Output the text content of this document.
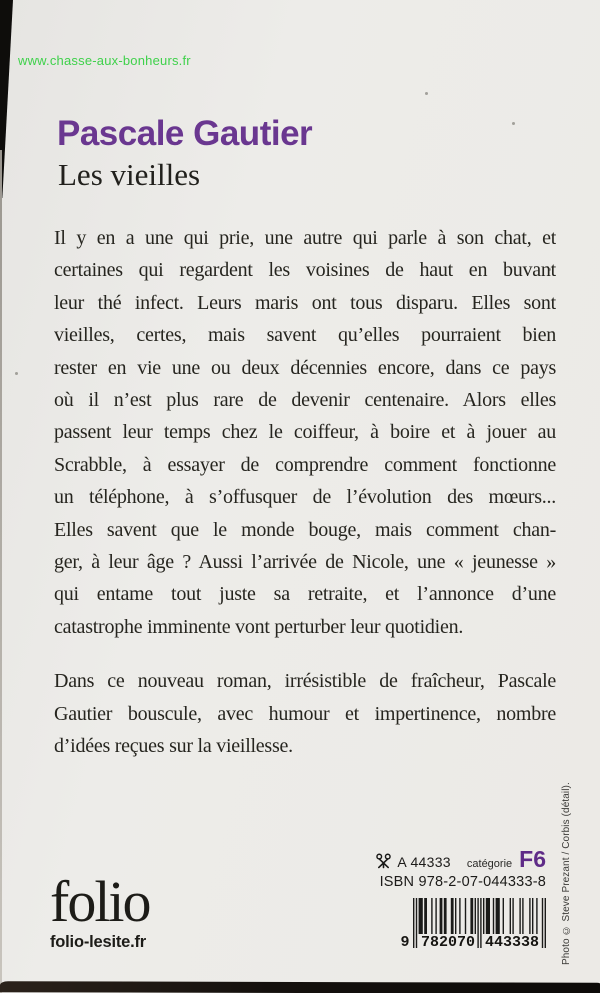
www.chasse-aux-bonheurs.fr
Pascale Gautier
Les vieilles
Il y en a une qui prie, une autre qui parle à son chat, et
certaines qui regardent les voisines de haut en buvant
leur thé infect. Leurs maris ont tous disparu. Elles sont
vieilles, certes, mais savent qu’elles pourraient bien
rester en vie une ou deux décennies encore, dans ce pays
où il n’est plus rare de devenir centenaire. Alors elles
passent leur temps chez le coiffeur, à boire et à jouer au
Scrabble, à essayer de comprendre comment fonctionne
un téléphone, à s’offusquer de l’évolution des mœurs...
Elles savent que le monde bouge, mais comment chan-
ger, à leur âge ? Aussi l’arrivée de Nicole, une « jeunesse »
qui entame tout juste sa retraite, et l’annonce d’une
catastrophe imminente vont perturber leur quotidien.
Dans ce nouveau roman, irrésistible de fraîcheur, Pascale
Gautier bouscule, avec humour et impertinence, nombre
d’idées reçues sur la vieillesse.
folio
folio-lesite.fr
A 44333 catégorie F6
ISBN 978-2-07-044333-8
9 782070 443338 Photo © Steve Prezant / Corbis (détail).
